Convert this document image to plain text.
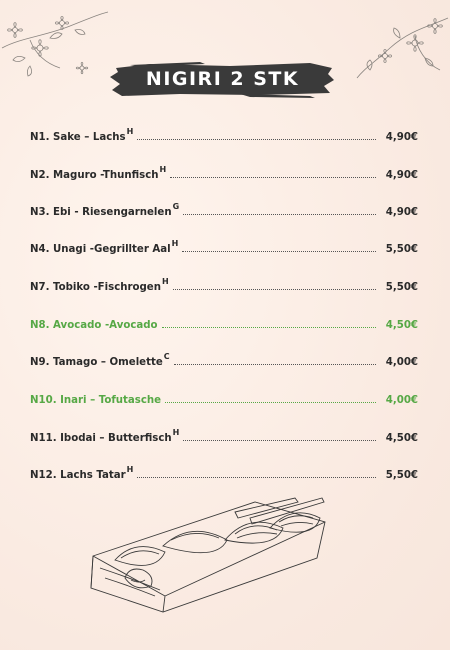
NIGIRI 2 STK
N1. Sake – Lachs$^H$
4,90€
N2. Maguro -Thunfisch$^H$
4,90€
N3. Ebi - Riesengarnelen$^G$
4,90€
N4. Unagi -Gegrillter Aal$^H$
5,50€
N7. Tobiko -Fischrogen$^H$
5,50€
N8. Avocado -Avocado	4,50€
N9. Tamago – Omelette$^C$
4,00€
N10. Inari – Tofutasche	4,00€
N11. Ibodai – Butterfisch$^H$
4,50€
N12. Lachs Tatar$^H$
5,50€
